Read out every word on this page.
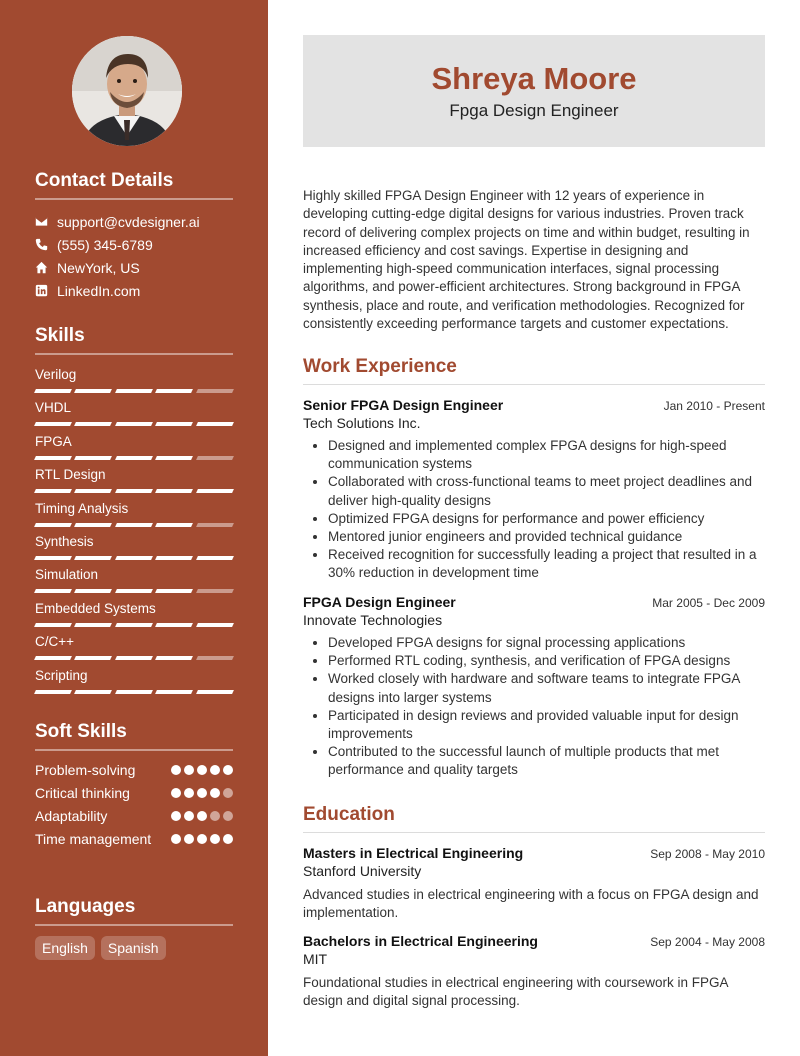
Contact Details
support@cvdesigner.ai
(555) 345-6789
NewYork, US
LinkedIn.com
Skills
Verilog
VHDL
FPGA
RTL Design
Timing Analysis
Synthesis
Simulation
Embedded Systems
C/C++
Scripting
Soft Skills
Problem-solving
Critical thinking
Adaptability
Time management
Languages
English	Spanish
Shreya Moore
Fpga Design Engineer
Highly skilled FPGA Design Engineer with 12 years of experience in developing cutting-edge digital designs for various industries. Proven track record of delivering complex projects on time and within budget, resulting in increased efficiency and cost savings. Expertise in designing and implementing high-speed communication interfaces, signal processing algorithms, and power-efficient architectures. Strong background in FPGA synthesis, place and route, and verification methodologies. Recognized for consistently exceeding performance targets and customer expectations.
Work Experience
Senior FPGA Design Engineer	Jan 2010 - Present
Tech Solutions Inc.
• Designed and implemented complex FPGA designs for high-speed communication systems
• Collaborated with cross-functional teams to meet project deadlines and deliver high-quality designs
• Optimized FPGA designs for performance and power efficiency
• Mentored junior engineers and provided technical guidance
• Received recognition for successfully leading a project that resulted in a 30% reduction in development time
FPGA Design Engineer	Mar 2005 - Dec 2009
Innovate Technologies
• Developed FPGA designs for signal processing applications
• Performed RTL coding, synthesis, and verification of FPGA designs
• Worked closely with hardware and software teams to integrate FPGA designs into larger systems
• Participated in design reviews and provided valuable input for design improvements
• Contributed to the successful launch of multiple products that met performance and quality targets
Education
Masters in Electrical Engineering	Sep 2008 - May 2010
Stanford University

Advanced studies in electrical engineering with a focus on FPGA design and implementation.

Bachelors in Electrical Engineering	Sep 2004 - May 2008
MIT

Foundational studies in electrical engineering with coursework in FPGA design and digital signal processing.
